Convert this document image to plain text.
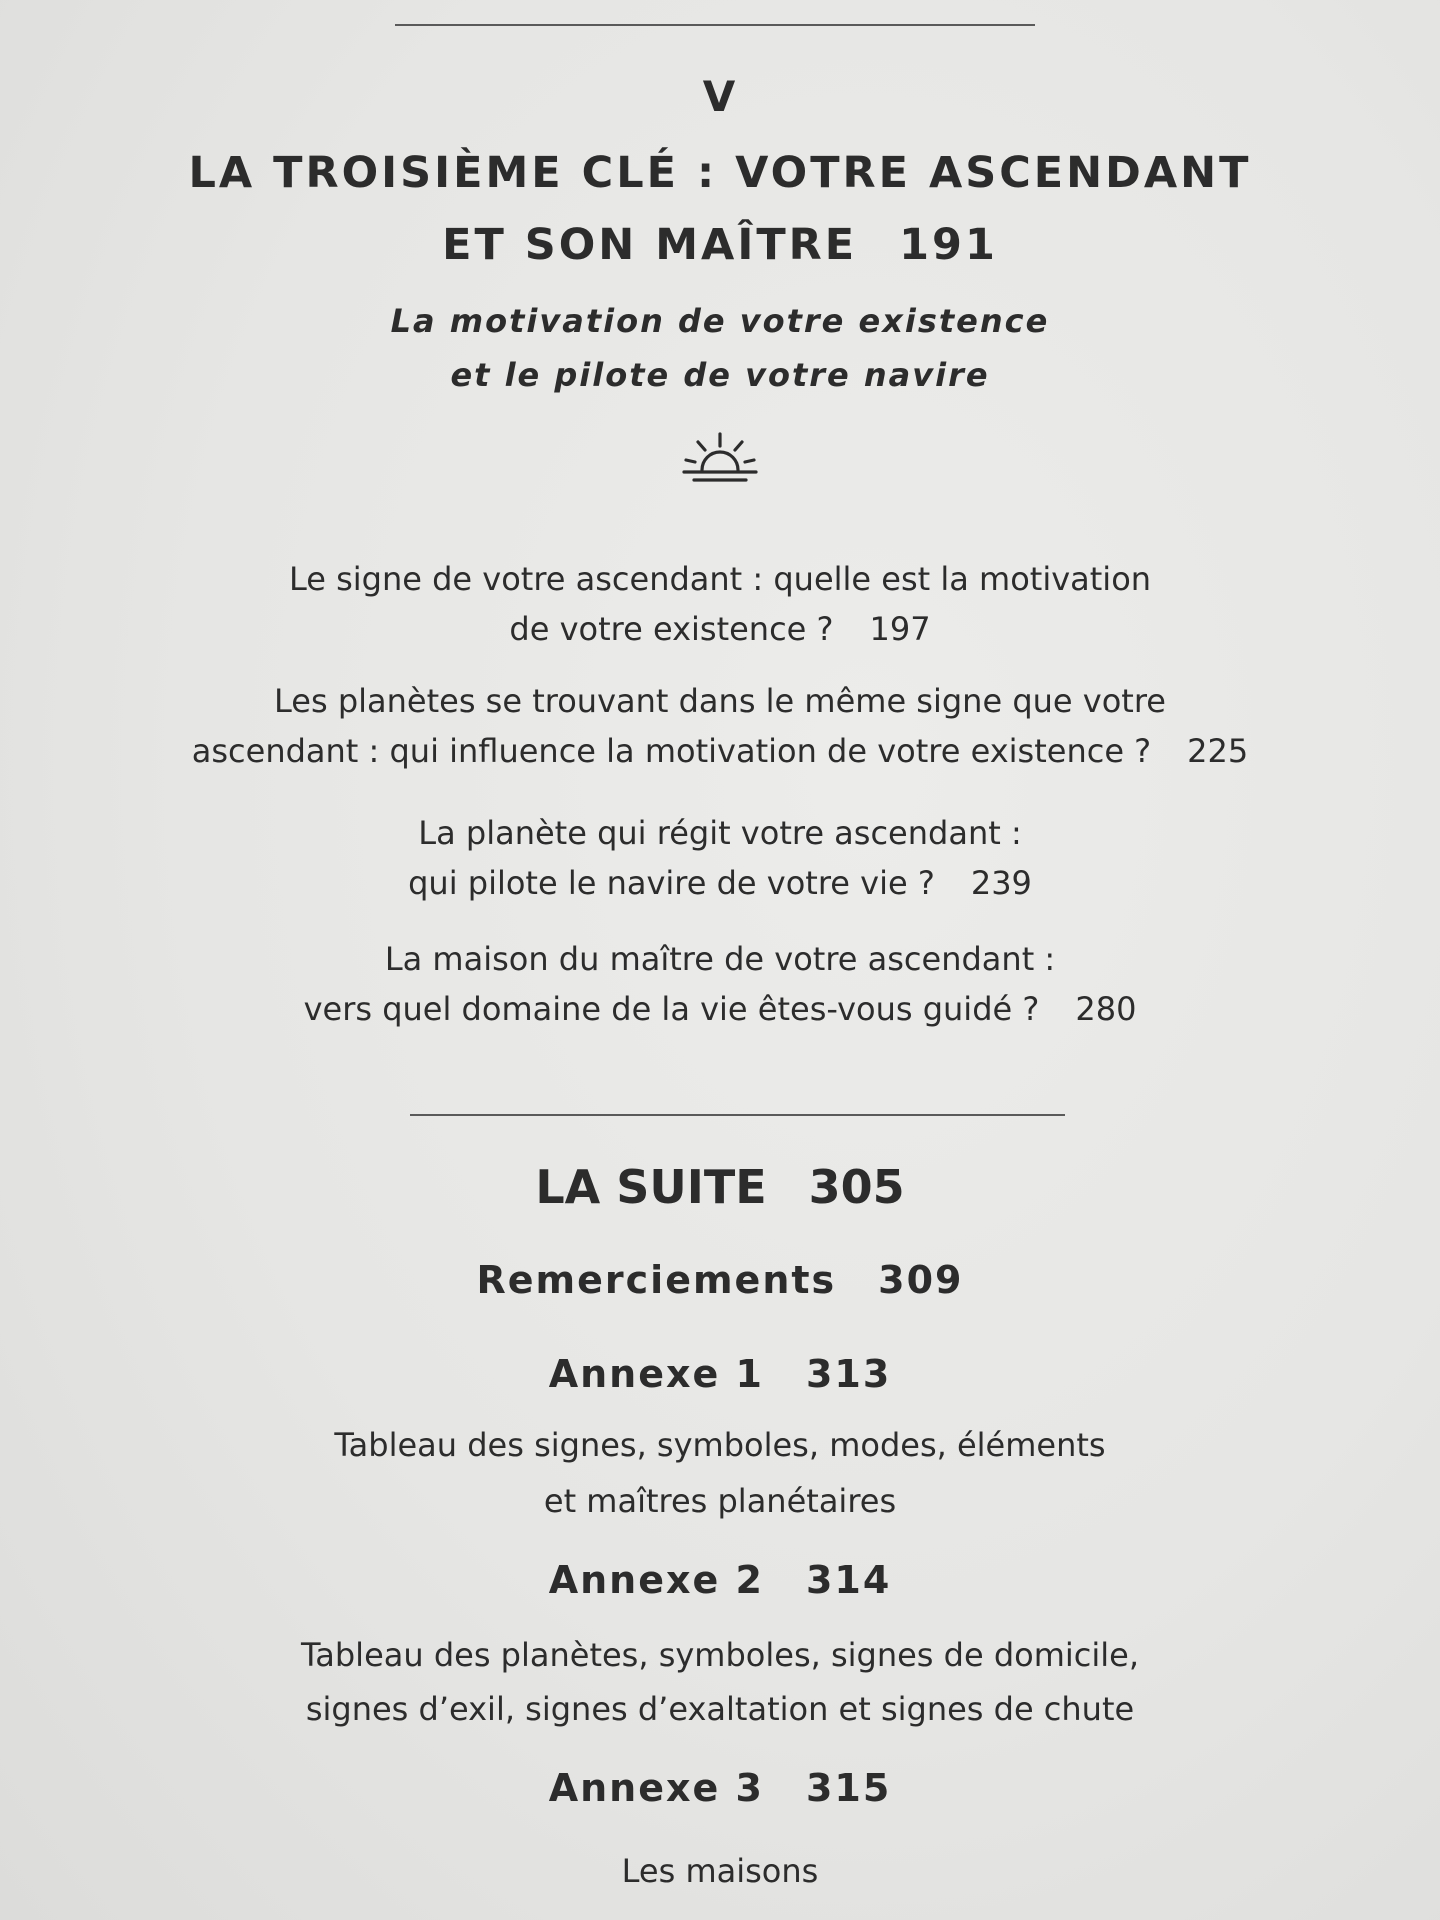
V
LA TROISIÈME CLÉ : VOTRE ASCENDANT
ET SON MAÎTRE 191
La motivation de votre existence
et le pilote de votre navire
Le signe de votre ascendant : quelle est la motivation
de votre existence ? 197
Les planètes se trouvant dans le même signe que votre
ascendant : qui influence la motivation de votre existence ? 225
La planète qui régit votre ascendant :
qui pilote le navire de votre vie ? 239
La maison du maître de votre ascendant :
vers quel domaine de la vie êtes-vous guidé ? 280
LA SUITE 305
Remerciements 309
Annexe 1 313
Tableau des signes, symboles, modes, éléments
et maîtres planétaires
Annexe 2 314
Tableau des planètes, symboles, signes de domicile,
signes d’exil, signes d’exaltation et signes de chute
Annexe 3 315
Les maisons
